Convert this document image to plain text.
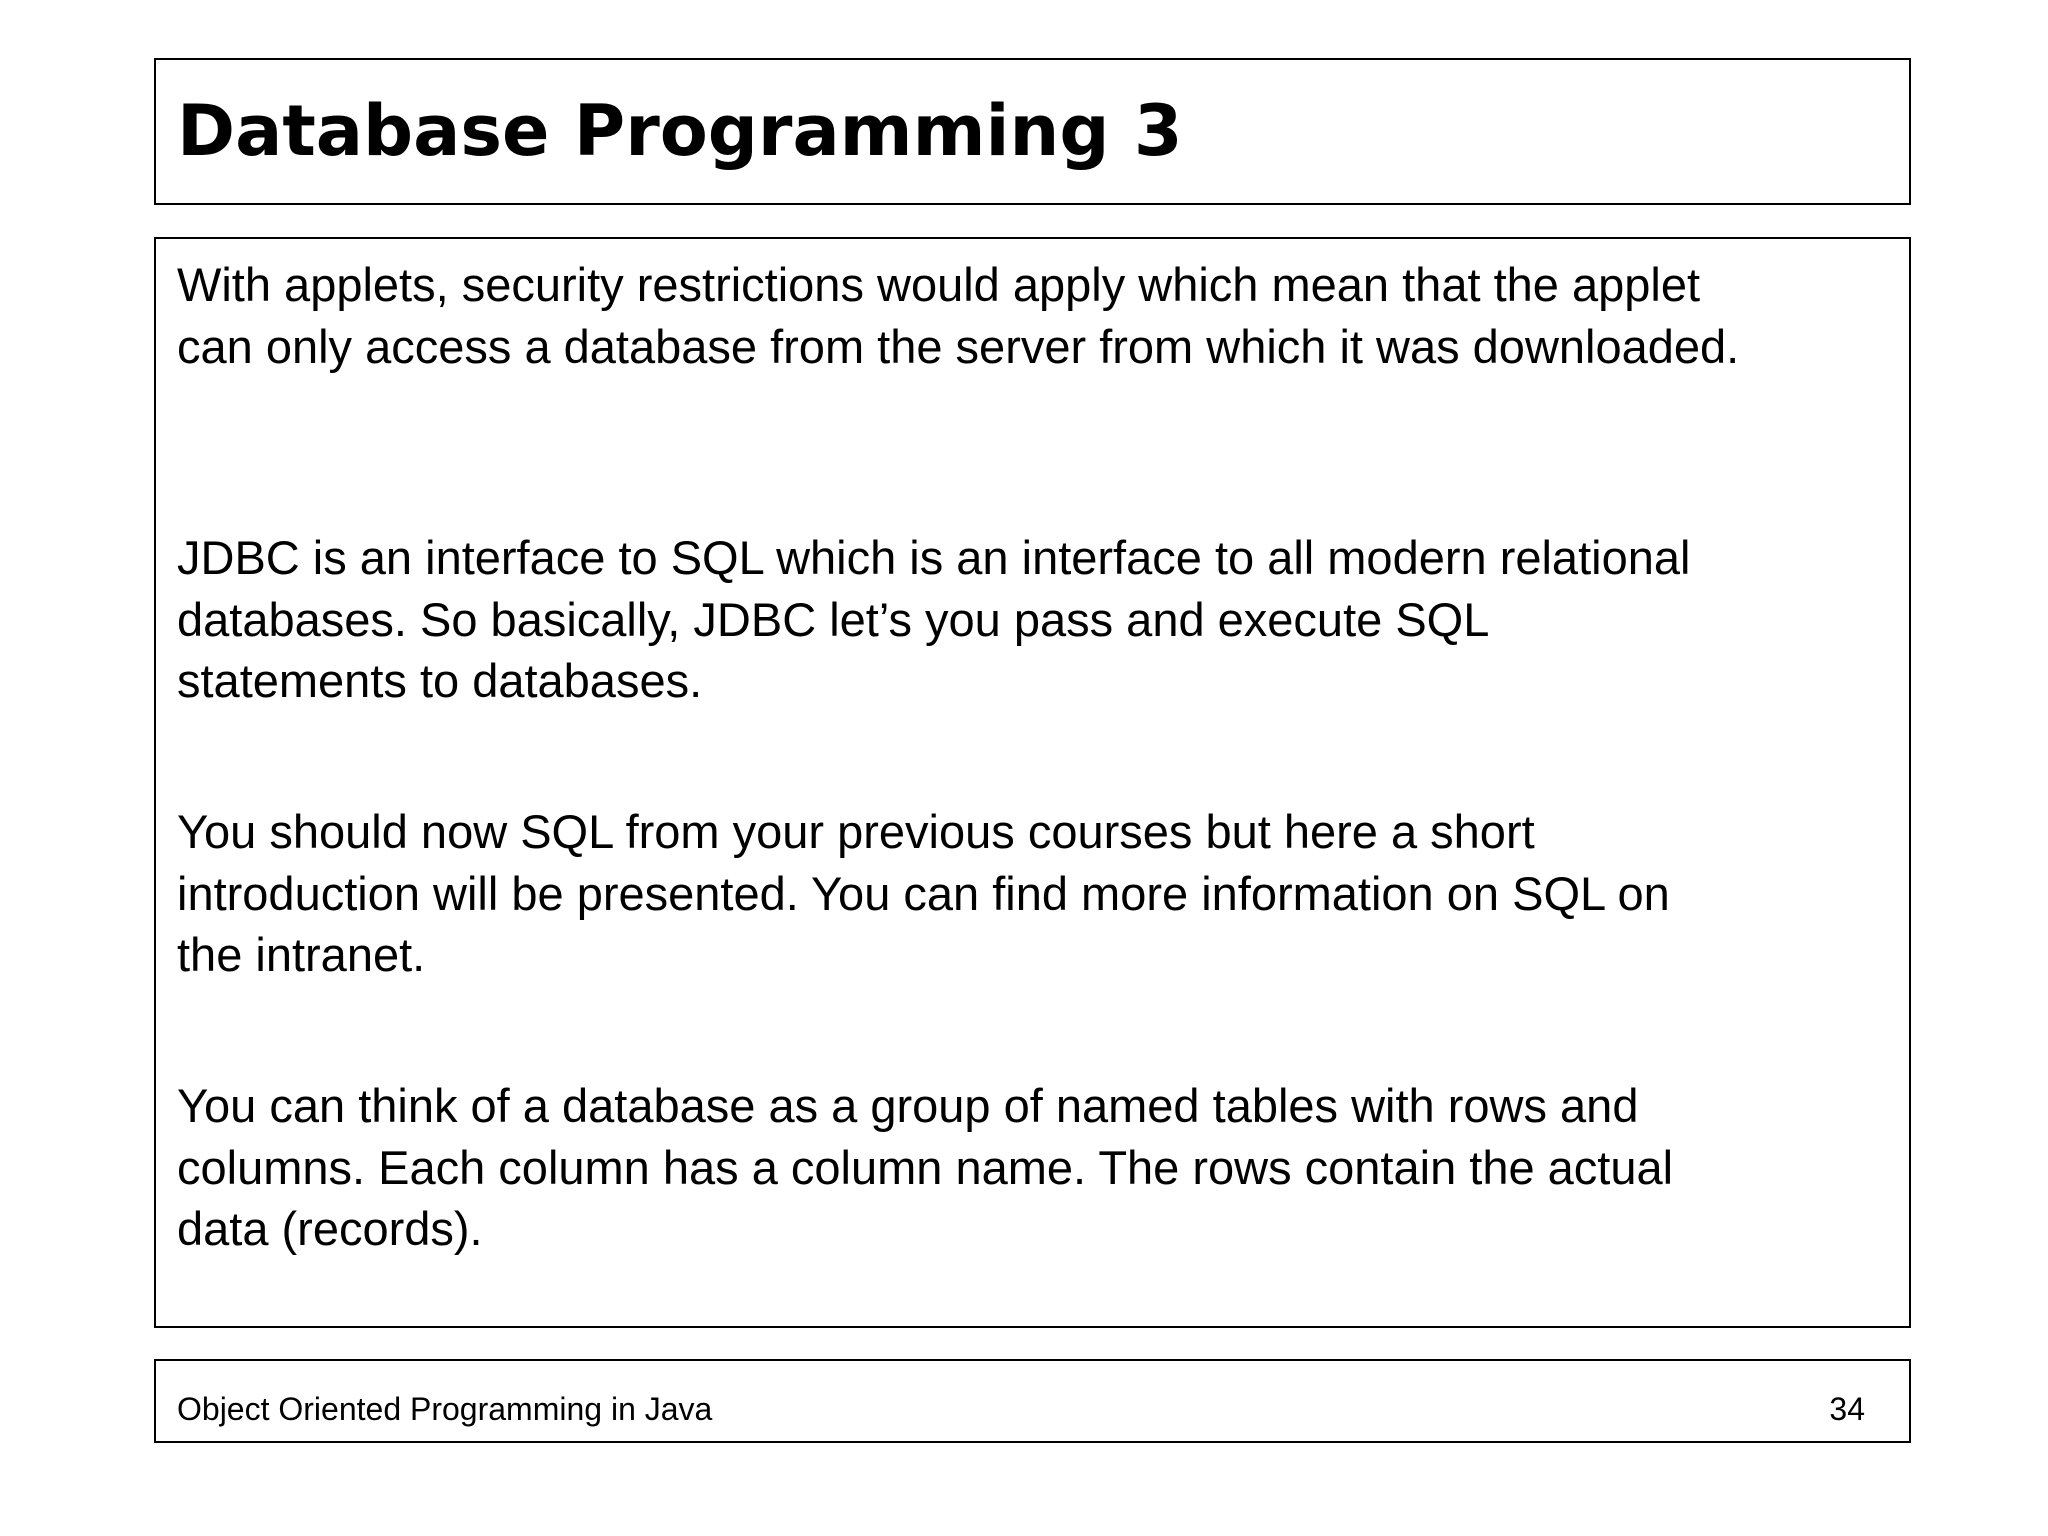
Database Programming 3

With applets, security restrictions would apply which mean that the applet
can only access a database from the server from which it was downloaded.

JDBC is an interface to SQL which is an interface to all modern relational
databases. So basically, JDBC let’s you pass and execute SQL
statements to databases.

You should now SQL from your previous courses but here a short
introduction will be presented. You can find more information on SQL on
the intranet.

You can think of a database as a group of named tables with rows and
columns. Each column has a column name. The rows contain the actual
data (records).

Object Oriented Programming in Java	34
